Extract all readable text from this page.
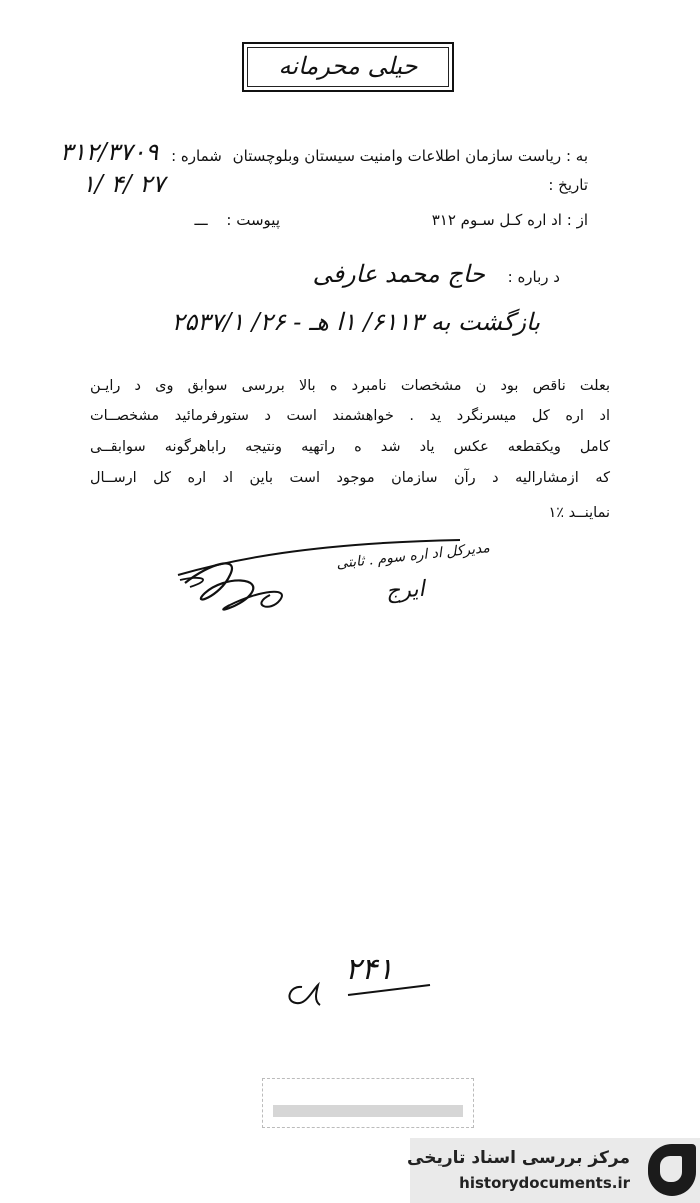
حیلی محرمانه
به : ریاست سازمان اطلاعات وامنیت سیستان وبلوچستان شماره :
۳۱۲/۳۷۰۹
تاریخ :
۱/ ۴/ ۲۷
از : اد اره کـل سـوم ۳۱۲
پیوست : ـــ
د رباره :
حاج محمد عارفی
بازگشت به ۶۱۱۳/ ۱ا هـ - ۲۶/ ۲۵۳۷/۱
بعلت ناقص بود ن مشخصات نامبرد ه بالا بررسی سوابق وی د رایـن
اد اره کل میسرنگرد ید . خواهشمند است د ستورفرمائید مشخصــات
کامل ویکقطعه عکس یاد شد ه راتهیه ونتیجه راباهرگونه سوابقــی
که ازمشارالیه د رآن سازمان موجود است باین اد اره کل ارســال
نماینــد ٪۱
مدیرکل اد اره سوم . ثابتی
ایرج
۲۴۱
مرکز بررسی اسناد تاریخی
historydocuments.ir
